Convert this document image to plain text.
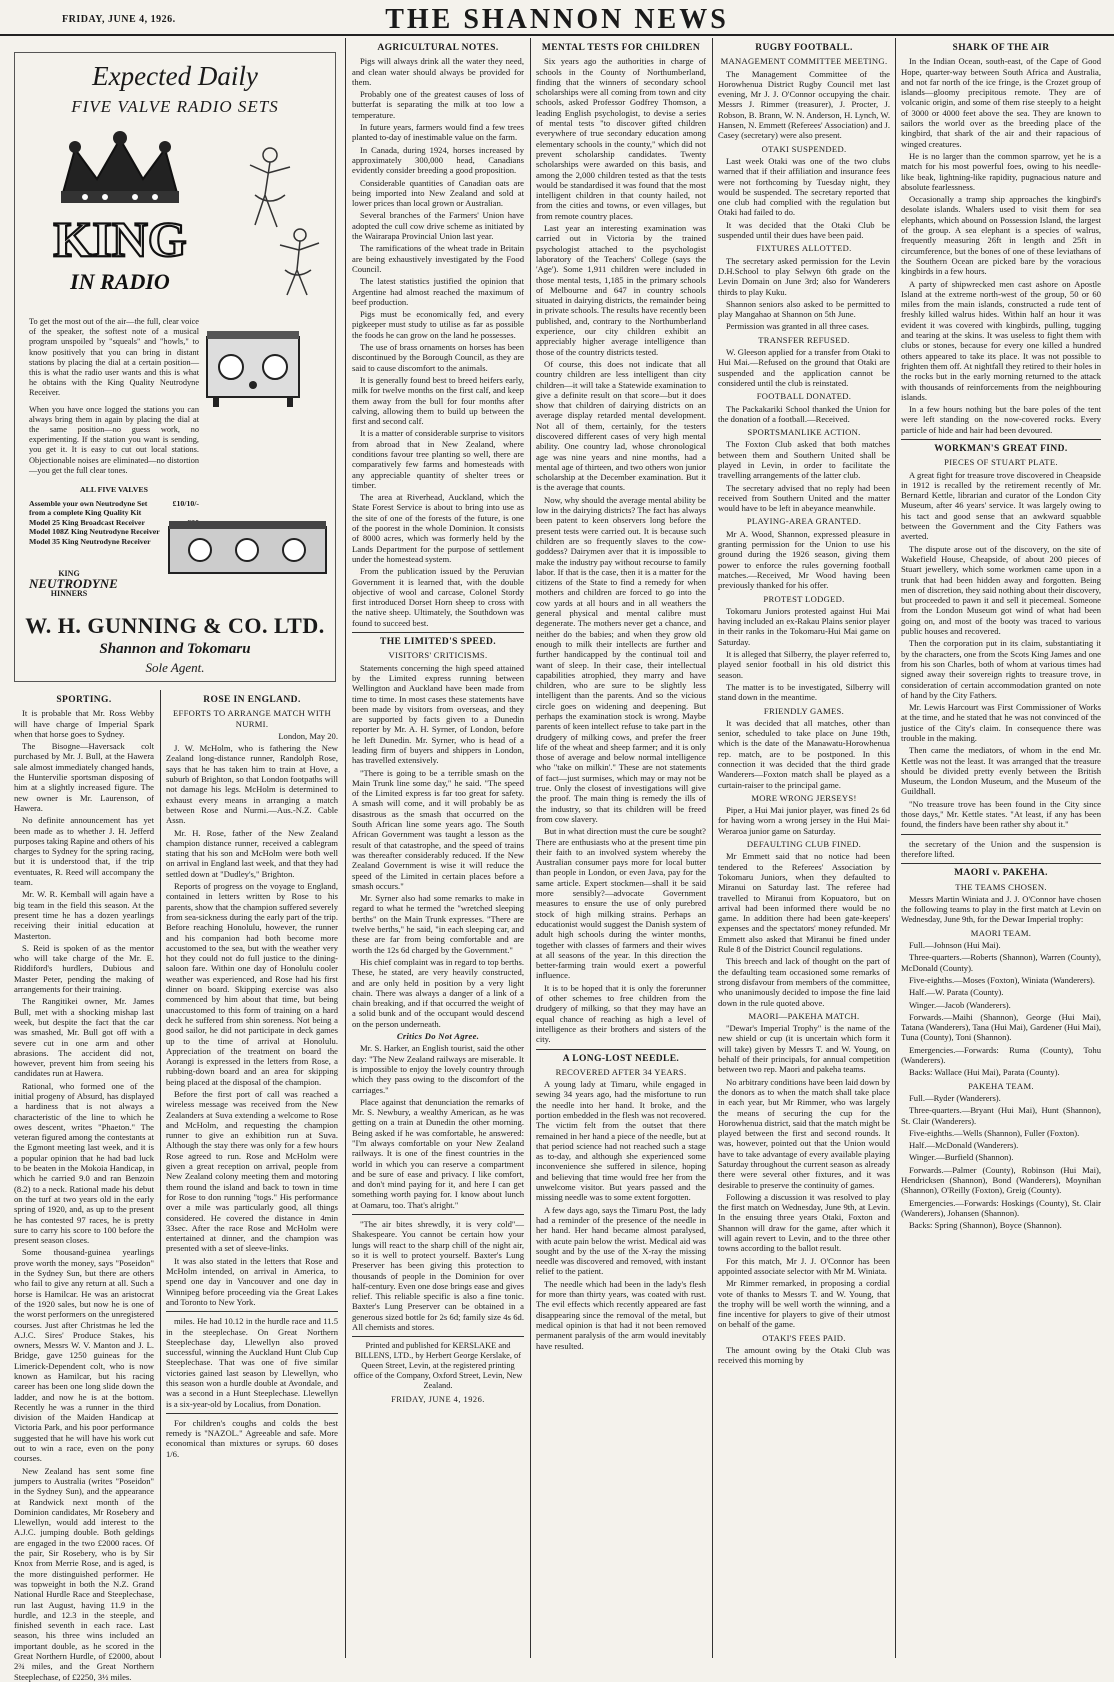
FRIDAY, JUNE 4, 1926.	THE SHANNON NEWS
Expected Daily
FIVE VALVE RADIO SETS
KING
IN RADIO

To get the most out of the air—the full, clear voice of the speaker, the softest note of a musical program unspoiled by "squeals" and "howls," to know positively that you can bring in distant stations by placing the dial at a certain position—this is what the radio user wants and this is what he obtains with the King Quality Neutrodyne Receiver.

When you have once logged the stations you can always bring them in again by placing the dial at the same position—no guess work, no experimenting. If the station you want is sending, you get it. It is easy to cut out local stations. Objectionable noises are eliminated—no distortion—you get the full clear tones.

ALL FIVE VALVES
Assemble your own Neutrodyne Set from a complete King Quality Kit
£10/10/-
Model 25 King Broadcast Receiver
Model 108Z King Neutrodyne Receiver
Model 35 King Neutrodyne Receiver
KING
NEUTRODYNE
HINNERS
W. H. GUNNING & CO. LTD.
Shannon and Tokomaru
Sole Agent.
SPORTING.

It is probable that Mr. Ross Webby will have charge of Imperial Spark when that horse goes to Sydney.

The Bisogne—Haversack colt purchased by Mr. J. Bull, at the Hawera sale almost immediately changed hands, the Huntervilie sportsman disposing of him at a slightly increased figure. The new owner is Mr. Laurenson, of Hawera.

No definite announcement has yet been made as to whether J. H. Jefferd purposes taking Rapine and others of his charges to Sydney for the spring racing, but it is understood that, if the trip eventuates, R. Reed will accompany the team.

Mr. W. R. Kemball will again have a big team in the field this season. At the present time he has a dozen yearlings receiving their initial education at Masterton.

S. Reid is spoken of as the mentor who will take charge of the Mr. E. Riddiford's hurdlers, Dubious and Master Peter, pending the making of arrangements for their training.

The Rangitikei owner, Mr. James Bull, met with a shocking mishap last week, but despite the fact that the car was smashed, Mr. Bull got off with a severe cut in one arm and other abrasions. The accident did not, however, prevent him from seeing his candidates run at Hawera.

Rational, who formed one of the initial progeny of Absurd, has displayed a hardiness that is not always a characteristic of the line to which he owes descent, writes "Phaeton." The veteran figured among the contestants at the Egmont meeting last week, and it is a popular opinion that he had bad luck to be beaten in the Mokoia Handicap, in which he carried 9.0 and ran Benzoin (8.2) to a neck. Rational made his debut on the turf at two years old in the early spring of 1920, and, as up to the present he has contested 97 races, he is pretty sure to carry his score to 100 before the present season closes.

Some thousand-guinea yearlings prove worth the money, says "Poseidon" in the Sydney Sun, but there are others who fail to give any return at all. Such a horse is Hamilcar. He was an aristocrat of the 1920 sales, but now he is one of the worst performers on the unregistered courses. Just after Christmas he led the A.J.C. Sires' Produce Stakes, his owners, Messrs W. V. Manton and J. L. Bridge, gave 1250 guineas for the Limerick-Dependent colt, who is now known as Hamilcar, but his racing career has been one long slide down the ladder, and now he is at the bottom. Recently he was a runner in the third division of the Maiden Handicap at Victoria Park, and his poor performance suggested that he will have his work cut out to win a race, even on the pony courses.

New Zealand has sent some fine jumpers to Australia (writes "Poseidon" in the Sydney Sun), and the appearance at Randwick next month of the Dominion candidates, Mr Rosebery and Llewellyn, would add interest to the A.J.C. jumping double. Both geldings are engaged in the two £2000 races. Of the pair, Sir Rosebery, who is by Sir Knox from Merrie Rose, and is aged, is the more distinguished performer. He was topweight in both the N.Z. Grand National Hurdle Race and Steeplechase, run last August, having 11.9 in the hurdle, and 12.3 in the steeple, and finished seventh in each race. Last season, his three wins included an important double, as he scored in the Great Northern Hurdle, of £2000, about 2¾ miles, and the Great Northern Steeplechase, of £2250, 3½ miles.

ROSE IN ENGLAND.
EFFORTS TO ARRANGE MATCH WITH NURMI.
London, May 20.

J. W. McHolm, who is fathering the New Zealand long-distance runner, Randolph Rose, says that he has taken him to train at Hove, a suburb of Brighton, so that London footpaths will not damage his legs. McHolm is determined to exhaust every means in arranging a match between Rose and Nurmi.—Aus.-N.Z. Cable Assn.

Mr. H. Rose, father of the New Zealand champion distance runner, received a cablegram stating that his son and McHolm were both well on arrival in England last week, and that they had settled down at "Dudley's," Brighton.

Reports of progress on the voyage to England, contained in letters written by Rose to his parents, show that the champion suffered severely from sea-sickness during the early part of the trip. Before reaching Honolulu, however, the runner and his companion had both become more accustomed to the sea, but with the weather very hot they could not do full justice to the dining-saloon fare. Within one day of Honolulu cooler weather was experienced, and Rose had his first dinner on board. Skipping exercise was also commenced by him about that time, but being unaccustomed to this form of training on a hard deck he suffered from shin soreness. Not being a good sailor, he did not participate in deck games up to the time of arrival at Honolulu. Appreciation of the treatment on board the Aorangi is expressed in the letters from Rose, a rubbing-down board and an area for skipping being placed at the disposal of the champion.

Before the first port of call was reached a wireless message was received from the New Zealanders at Suva extending a welcome to Rose and McHolm, and requesting the champion runner to give an exhibition run at Suva. Although the stay there was only for a few hours Rose agreed to run. Rose and McHolm were given a great reception on arrival, people from New Zealand colony meeting them and motoring them round the island and back to town in time for Rose to don running "togs." His performance over a mile was particularly good, all things considered. He covered the distance in 4min 33sec. After the race Rose and McHolm were entertained at dinner, and the champion was presented with a set of sleeve-links.

It was also stated in the letters that Rose and McHolm intended, on arrival in America, to spend one day in Vancouver and one day in Winnipeg before proceeding via the Great Lakes and Toronto to New York.

miles. He had 10.12 in the hurdle race and 11.5 in the steeplechase. On Great Northern Steeplechase day, Llewellyn also proved successful, winning the Auckland Hunt Club Cup Steeplechase. That was one of five similar victories gained last season by Llewellyn, who this season won a hurdle double at Avondale, and was a second in a Hunt Steeplechase. Llewellyn is a six-year-old by Localius, from Donation.

For children's coughs and colds the best remedy is "NAZOL." Agreeable and safe. More economical than mixtures or syrups. 60 doses 1/6.

AGRICULTURAL NOTES.

Pigs will always drink all the water they need, and clean water should always be provided for them.

Probably one of the greatest causes of loss of butterfat is separating the milk at too low a temperature.

In future years, farmers would find a few trees planted to-day of inestimable value on the farm.

In Canada, during 1924, horses increased by approximately 300,000 head, Canadians evidently consider breeding a good proposition.

Considerable quantities of Canadian oats are being imported into New Zealand and sold at lower prices than local grown or Australian.

Several branches of the Farmers' Union have adopted the cull cow drive scheme as initiated by the Wairarapa Provincial Union last year.

The ramifications of the wheat trade in Britain are being exhaustively investigated by the Food Council.

The latest statistics justified the opinion that Argentine had almost reached the maximum of beef production.

Pigs must be economically fed, and every pigkeeper must study to utilise as far as possible the foods he can grow on the land he possesses.

The use of brass ornaments on horses has been discontinued by the Borough Council, as they are said to cause discomfort to the animals.

It is generally found best to breed heifers early, milk for twelve months on the first calf, and keep them away from the bull for four months after calving, allowing them to build up between the first and second calf.

It is a matter of considerable surprise to visitors from abroad that in New Zealand, where conditions favour tree planting so well, there are comparatively few farms and homesteads with any appreciable quantity of shelter trees or timber.

The area at Riverhead, Auckland, which the State Forest Service is about to bring into use as the site of one of the forests of the future, is one of the poorest in the whole Dominion. It consists of 8000 acres, which was formerly held by the Lands Department for the purpose of settlement under the homestead system.

From the publication issued by the Peruvian Government it is learned that, with the double objective of wool and carcase, Colonel Stordy first introduced Dorset Horn sheep to cross with the native sheep. Ultimately, the Southdown was found to succeed best.

THE LIMITED'S SPEED.
VISITORS' CRITICISMS.

Statements concerning the high speed attained by the Limited express running between Wellington and Auckland have been made from time to time. In most cases these statements have been made by visitors from overseas, and they are supported by facts given to a Dunedin reporter by Mr. A. H. Syrner, of London, before he left Dunedin. Mr. Syrner, who is head of a leading firm of buyers and shippers in London, has travelled extensively.

"There is going to be a terrible smash on the Main Trunk line some day," he said. "The speed of the Limited express is far too great for safety. A smash will come, and it will probably be as disastrous as the smash that occurred on the South African line some years ago. The South African Government was taught a lesson as the result of that catastrophe, and the speed of trains was thereafter considerably reduced. If the New Zealand Government is wise it will reduce the speed of the Limited in certain places before a smash occurs."

Mr. Syrner also had some remarks to make in regard to what he termed the "wretched sleeping berths" on the Main Trunk expresses. "There are twelve berths," he said, "in each sleeping car, and these are far from being comfortable and are worth the 12s 6d charged by the Government."

His chief complaint was in regard to top berths. These, he stated, are very heavily constructed, and are only held in position by a very light chain. There was always a danger of a link of a chain breaking, and if that occurred the weight of a solid bunk and of the occupant would descend on the person underneath.

Critics Do Not Agree.

Mr. S. Harker, an English tourist, said the other day: "The New Zealand railways are miserable. It is impossible to enjoy the lovely country through which they pass owing to the discomfort of the carriages."

Place against that denunciation the remarks of Mr. S. Newbury, a wealthy American, as he was getting on a train at Dunedin the other morning. Being asked if he was comfortable, he answered: "I'm always comfortable on your New Zealand railways. It is one of the finest countries in the world in which you can reserve a compartment and be sure of ease and privacy. I like comfort, and don't mind paying for it, and here I can get something worth paying for. I know about lunch at Oamaru, too. That's alright."

"The air bites shrewdly, it is very cold"—Shakespeare. You cannot be certain how your lungs will react to the sharp chill of the night air, so it is well to protect yourself. Baxter's Lung Preserver has been giving this protection to thousands of people in the Dominion for over half-century. Even one dose brings ease and gives relief. This reliable specific is also a fine tonic. Baxter's Lung Preserver can be obtained in a generous sized bottle for 2s 6d; family size 4s 6d. All chemists and stores.

Printed and published for KERSLAKE and BILLENS, LTD., by Herbert George Kerslake, of Queen Street, Levin, at the registered printing office of the Company, Oxford Street, Levin, New Zealand.
FRIDAY, JUNE 4, 1926.
MENTAL TESTS FOR CHILDREN

Six years ago the authorities in charge of schools in the County of Northumberland, finding that the winners of secondary school scholarships were all coming from town and city schools, asked Professor Godfrey Thomson, a leading English psychologist, to devise a series of mental tests "to discover gifted children everywhere of true secondary education among elementary schools in the county," which did not prevent scholarship candidates. Twenty scholarships were awarded on this basis, and among the 2,000 children tested as that the tests would be standardised it was found that the most intelligent children in that county hailed, not from the cities and towns, or even villages, but from remote country places.

Last year an interesting examination was carried out in Victoria by the trained psychologist attached to the psychologist laboratory of the Teachers' College (says the 'Age'). Some 1,911 children were included in those mental tests, 1,185 in the primary schools of Melbourne and 647 in country schools situated in dairying districts, the remainder being in private schools. The results have recently been published, and, contrary to the Northumberland experience, our city children exhibit an appreciably higher average intelligence than those of the country districts tested.

Of course, this does not indicate that all country children are less intelligent than city children—it will take a Statewide examination to give a definite result on that score—but it does show that children of dairying districts on an average display retarded mental development. Not all of them, certainly, for the testers discovered different cases of very high mental ability. One country lad, whose chronological age was nine years and nine months, had a mental age of thirteen, and two others won junior scholarship at the December examination. But it is the average that counts.

Now, why should the average mental ability be low in the dairying districts? The fact has always been patent to keen observers long before the present tests were carried out. It is because such children are so frequently slaves to the cow-goddess? Dairymen aver that it is impossible to make the industry pay without recourse to family labor. If that is the case, then it is a matter for the citizens of the State to find a remedy for when mothers and children are forced to go into the cow yards at all hours and in all weathers the general physical and mental calibre must degenerate. The mothers never get a chance, and neither do the babies; and when they grow old enough to milk their intellects are further and further handicapped by the continual toil and want of sleep. In their case, their intellectual capabilities atrophied, they marry and have children, who are sure to be slightly less intelligent than the parents. And so the vicious circle goes on widening and deepening. But perhaps the examination stock is wrong. Maybe parents of keen intellect refuse to take part in the drudgery of milking cows, and prefer the freer life of the wheat and sheep farmer; and it is only those of average and below normal intelligence who "take on milkin'." These are not statements of fact—just surmises, which may or may not be true. Only the closest of investigations will give the proof. The main thing is remedy the ills of the industry, so that its children will be freed from cow slavery.

But in what direction must the cure be sought? There are enthusiasts who at the present time pin their faith to an involved system whereby the Australian consumer pays more for local butter than people in London, or even Java, pay for the same article. Expert stockmen—shall it be said more sensibly?—advocate Government measures to ensure the use of only purebred stock of high milking strains. Perhaps an educationist would suggest the Danish system of adult high schools during the winter months, together with classes of farmers and their wives at all seasons of the year. In this direction the better-farming train would exert a powerful influence.

It is to be hoped that it is only the forerunner of other schemes to free children from the drudgery of milking, so that they may have an equal chance of reaching as high a level of intelligence as their brothers and sisters of the city.

A LONG-LOST NEEDLE.
RECOVERED AFTER 34 YEARS.

A young lady at Timaru, while engaged in sewing 34 years ago, had the misfortune to run the needle into her hand. It broke, and the portion embedded in the flesh was not recovered. The victim felt from the outset that there remained in her hand a piece of the needle, but at that period science had not reached such a stage as to-day, and although she experienced some inconvenience she suffered in silence, hoping and believing that time would free her from the unwelcome visitor. But years passed and the missing needle was to some extent forgotten.

A few days ago, says the Timaru Post, the lady had a reminder of the presence of the needle in her hand. Her hand became almost paralysed, with acute pain below the wrist. Medical aid was sought and by the use of the X-ray the missing needle was discovered and removed, with instant relief to the patient.

The needle which had been in the lady's flesh for more than thirty years, was coated with rust. The evil effects which recently appeared are fast disappearing since the removal of the metal, but medical opinion is that had it not been removed permanent paralysis of the arm would inevitably have resulted.

RUGBY FOOTBALL.
MANAGEMENT COMMITTEE MEETING.

The Management Committee of the Horowhenua District Rugby Council met last evening, Mr J. J. O'Connor occupying the chair. Messrs J. Rimmer (treasurer), J. Procter, J. Robson, B. Brann, W. N. Anderson, H. Lynch, W. Hansen, N. Emmett (Referees' Association) and J. Casey (secretary) were also present.

OTAKI SUSPENDED.

Last week Otaki was one of the two clubs warned that if their affiliation and insurance fees were not forthcoming by Tuesday night, they would be suspended. The secretary reported that one club had complied with the regulation but Otaki had failed to do.

It was decided that the Otaki Club be suspended until their dues have been paid.

FIXTURES ALLOTTED.

The secretary asked permission for the Levin D.H.School to play Selwyn 6th grade on the Levin Domain on June 3rd; also for Wanderers thirds to play Kuku.

Shannon seniors also asked to be permitted to play Mangahao at Shannon on 5th June.

Permission was granted in all three cases.

TRANSFER REFUSED.

W. Gleeson applied for a transfer from Otaki to Hui Mai.—Refused on the ground that Otaki are suspended and the application cannot be considered until the club is reinstated.

FOOTBALL DONATED.

The Packakariki School thanked the Union for the donation of a football.—Received.

SPORTSMANLIKE ACTION.

The Foxton Club asked that both matches between them and Southern United shall be played in Levin, in order to facilitate the travelling arrangements of the latter club.

The secretary advised that no reply had been received from Southern United and the matter would have to be left in abeyance meanwhile.

PLAYING-AREA GRANTED.

Mr A. Wood, Shannon, expressed pleasure in granting permission for the Union to use his ground during the 1926 season, giving them power to enforce the rules governing football matches.—Received, Mr Wood having been previously thanked for his offer.

PROTEST LODGED.

Tokomaru Juniors protested against Hui Mai having included an ex-Rakau Plains senior player in their ranks in the Tokomaru-Hui Mai game on Saturday.

It is alleged that Silberry, the player referred to, played senior football in his old district this season.

The matter is to be investigated, Silberry will stand down in the meantime.

FRIENDLY GAMES.

It was decided that all matches, other than senior, scheduled to take place on June 19th, which is the date of the Manawatu-Horowhenua rep. match, are to be postponed. In this connection it was decided that the third grade Wanderers—Foxton match shall be played as a curtain-raiser to the principal game.

MORE WRONG JERSEYS!

Piper, a Hui Mai junior player, was fined 2s 6d for having worn a wrong jersey in the Hui Mai-Weraroa junior game on Saturday.

DEFAULTING CLUB FINED.

Mr Emmett said that no notice had been tendered to the Referees' Association by Tokomaru Juniors, when they defaulted to Miranui on Saturday last. The referee had travelled to Miranui from Kopuatoro, but on arrival had been informed there would be no game. In addition there had been gate-keepers' expenses and the spectators' money refunded. Mr Emmett also asked that Miranui be fined under Rule 8 of the District Council regulations.

This breech and lack of thought on the part of the defaulting team occasioned some remarks of strong disfavour from members of the committee, who unanimously decided to impose the fine laid down in the rule quoted above.

MAORI—PAKEHA MATCH.

"Dewar's Imperial Trophy" is the name of the new shield or cup (it is uncertain which form it will take) given by Messrs T. and W. Young, on behalf of their principals, for annual competition between two rep. Maori and pakeha teams.

No arbitrary conditions have been laid down by the donors as to when the match shall take place in each year, but Mr Rimmer, who was largely the means of securing the cup for the Horowhenua district, said that the match might be played between the first and second rounds. It was, however, pointed out that the Union would have to take advantage of every available playing Saturday throughout the current season as already there were several other fixtures, and it was desirable to preserve the continuity of games.

Following a discussion it was resolved to play the first match on Wednesday, June 9th, at Levin. In the ensuing three years Otaki, Foxton and Shannon will draw for the game, after which it will again revert to Levin, and to the three other towns according to the ballot result.

For this match, Mr J. J. O'Connor has been appointed associate selector with Mr M. Winiata.

Mr Rimmer remarked, in proposing a cordial vote of thanks to Messrs T. and W. Young, that the trophy will be well worth the winning, and a fine incentive for players to give of their utmost on behalf of the game.

OTAKI'S FEES PAID.

The amount owing by the Otaki Club was received this morning by

SHARK OF THE AIR

In the Indian Ocean, south-east, of the Cape of Good Hope, quarter-way between South Africa and Australia, and not far north of the ice fringe, is the Crozet group of islands—gloomy precipitous remote. They are of volcanic origin, and some of them rise steeply to a height of 3000 or 4000 feet above the sea. They are known to sailors the world over as the breeding place of the kingbird, that shark of the air and their rapacious of winged creatures.

He is no larger than the common sparrow, yet he is a match for his most powerful foes, owing to his needle-like beak, lightning-like rapidity, pugnacious nature and absolute fearlessness.

Occasionally a tramp ship approaches the kingbird's desolate islands. Whalers used to visit them for sea elephants, which abound on Possession Island, the largest of the group. A sea elephant is a species of walrus, frequently measuring 26ft in length and 25ft in circumference, but the bones of one of these leviathans of the Southern Ocean are picked bare by the voracious kingbirds in a few hours.

A party of shipwrecked men cast ashore on Apostle Island at the extreme north-west of the group, 50 or 60 miles from the main islands, constructed a rude tent of freshly killed walrus hides. Within half an hour it was evident it was covered with kingbirds, pulling, tugging and tearing at the skins. It was useless to fight them with clubs or stones, because for every one killed a hundred others appeared to take its place. It was not possible to frighten them off. At nightfall they retired to their holes in the rocks but in the early morning returned to the attack with thousands of reinforcements from the neighbouring islands.

In a few hours nothing but the bare poles of the tent were left standing on the now-covered rocks. Every particle of hide and hair had been devoured.

WORKMAN'S GREAT FIND.
PIECES OF STUART PLATE.

A great fight for treasure trove discovered in Cheapside in 1912 is recalled by the retirement recently of Mr. Bernard Kettle, librarian and curator of the London City Museum, after 46 years' service. It was largely owing to his tact and good sense that an awkward squabble between the Government and the City Fathers was averted.

The dispute arose out of the discovery, on the site of Wakefield House, Cheapside, of about 200 pieces of Stuart jewellery, which some workmen came upon in a trunk that had been hidden away and forgotten. Being men of discretion, they said nothing about their discovery, but proceeded to pawn it and sell it piecemeal. Someone from the London Museum got wind of what had been going on, and most of the booty was traced to various public houses and recovered.

Then the corporation put in its claim, substantiating it by the characters, one from the Scots King James and one from his son Charles, both of whom at various times had signed away their sovereign rights to treasure trove, in consideration of certain accommodation granted on note of hand by the City Fathers.

Mr. Lewis Harcourt was First Commissioner of Works at the time, and he stated that he was not convinced of the justice of the City's claim. In consequence there was trouble in the making.

Then came the mediators, of whom in the end Mr. Kettle was not the least. It was arranged that the treasure should be divided pretty evenly between the British Museum, the London Museum, and the Museum of the Guildhall.

"No treasure trove has been found in the City since those days," Mr. Kettle states. "At least, if any has been found, the finders have been rather shy about it."

the secretary of the Union and the suspension is therefore lifted.

MAORI v. PAKEHA.
THE TEAMS CHOSEN.

Messrs Martin Winiata and J. J. O'Connor have chosen the following teams to play in the first match at Levin on Wednesday, June 9th, for the Dewar Imperial trophy:

MAORI TEAM.

Full.—Johnson (Hui Mai).

Three-quarters.—Roberts (Shannon), Warren (County), McDonald (County).

Five-eighths.—Moses (Foxton), Winiata (Wanderers).

Half.—W. Parata (County).

Winger.—Jacob (Wanderers).

Forwards.—Maihi (Shannon), George (Hui Mai), Tatana (Wanderers), Tana (Hui Mai), Gardener (Hui Mai), Tuna (County), Toni (Shannon).

Emergencies.—Forwards: Ruma (County), Tohu (Wanderers).

Backs: Wallace (Hui Mai), Parata (County).

PAKEHA TEAM.

Full.—Ryder (Wanderers).

Three-quarters.—Bryant (Hui Mai), Hunt (Shannon), St. Clair (Wanderers).

Five-eighths.—Wells (Shannon), Fuller (Foxton).

Half.—McDonald (Wanderers).

Winger.—Burfield (Shannon).

Forwards.—Palmer (County), Robinson (Hui Mai), Hendricksen (Shannon), Bond (Wanderers), Moynihan (Shannon), O'Reilly (Foxton), Greig (County).

Emergencies.—Forwards: Hoskings (County), St. Clair (Wanderers), Johansen (Shannon).

Backs: Spring (Shannon), Boyce (Shannon).
